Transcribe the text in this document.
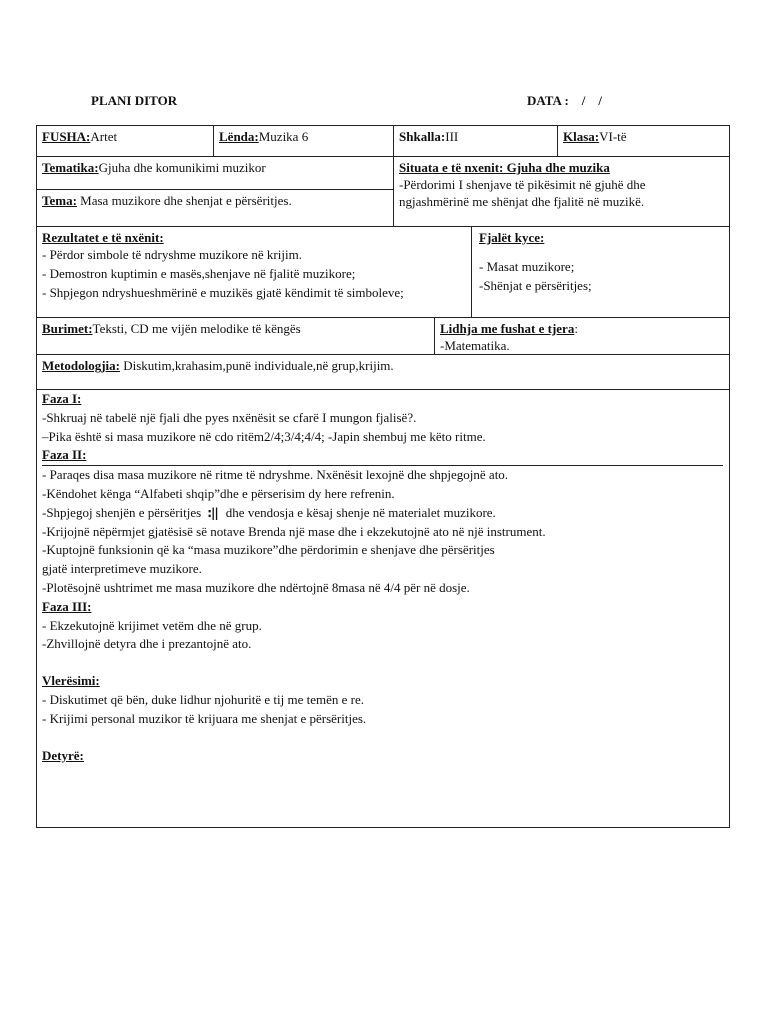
PLANI DITOR	DATA :    /    /
FUSHA:Artet	Lënda:Muzika 6	Shkalla:III	Klasa:VI-të
Tematika:Gjuha dhe komunikimi muzikor
Tema: Masa muzikore dhe shenjat e përsëritjes.
Situata e të nxenit: Gjuha dhe muzika
-Përdorimi I shenjave të pikësimit në gjuhë dhe
ngjashmërinë me shënjat dhe fjalitë në muzikë.
Rezultatet e të nxënit:
- Përdor simbole të ndryshme muzikore në krijim.
- Demostron kuptimin e masës,shenjave në fjalitë muzikore;
- Shpjegon ndryshueshmërinë e muzikës gjatë këndimit të simboleve;
Fjalët kyce:
- Masat muzikore;
-Shënjat e përsëritjes;
Burimet:Teksti, CD me vijën melodike të këngës	Lidhja me fushat e tjera:
-Matematika.
Metodologjia: Diskutim,krahasim,punë individuale,në grup,krijim.
Faza I:
-Shkruaj në tabelë një fjali dhe pyes nxënësit se cfarë I mungon fjalisë?.
–Pika është si masa muzikore në cdo ritëm2/4;3/4;4/4; -Japin shembuj me këto ritme.
Faza II:
- Paraqes disa masa muzikore në ritme të ndryshme. Nxënësit lexojnë dhe shpjegojnë ato.
-Këndohet kënga “Alfabeti shqip”dhe e përserisim dy here refrenin.
-Shpjegoj shenjën e përsëritjes :|| dhe vendosja e kësaj shenje në materialet muzikore.
-Krijojnë nëpërmjet gjatësisë së notave Brenda një mase dhe i ekzekutojnë ato në një instrument.
-Kuptojnë funksionin që ka “masa muzikore”dhe përdorimin e shenjave dhe përsëritjes
gjatë interpretimeve muzikore.
-Plotësojnë ushtrimet me masa muzikore dhe ndërtojnë 8masa në 4/4 për në dosje.
Faza III:
- Ekzekutojnë krijimet vetëm dhe në grup.
-Zhvillojnë detyra dhe i prezantojnë ato.
Vlerësimi:
- Diskutimet që bën, duke lidhur njohuritë e tij me temën e re.
- Krijimi personal muzikor të krijuara me shenjat e përsëritjes.
Detyrë:
